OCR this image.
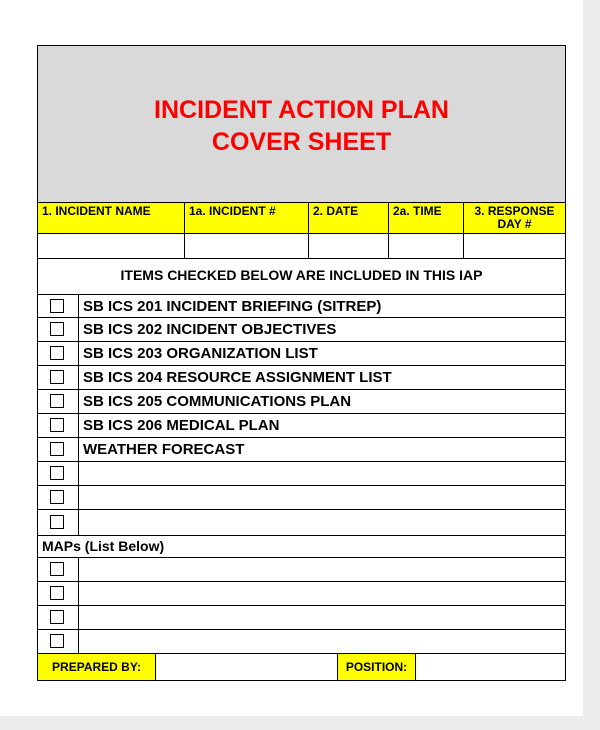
INCIDENT ACTION PLAN
COVER SHEET
1. INCIDENT NAME	1a. INCIDENT #	2. DATE	2a. TIME	3. RESPONSE
DAY #
ITEMS CHECKED BELOW ARE INCLUDED IN THIS IAP
SB ICS 201 INCIDENT BRIEFING (SITREP)
SB ICS 202 INCIDENT OBJECTIVES
SB ICS 203 ORGANIZATION LIST
SB ICS 204 RESOURCE ASSIGNMENT LIST
SB ICS 205 COMMUNICATIONS PLAN
SB ICS 206 MEDICAL PLAN
WEATHER FORECAST
MAPs (List Below)
PREPARED BY:	POSITION:
